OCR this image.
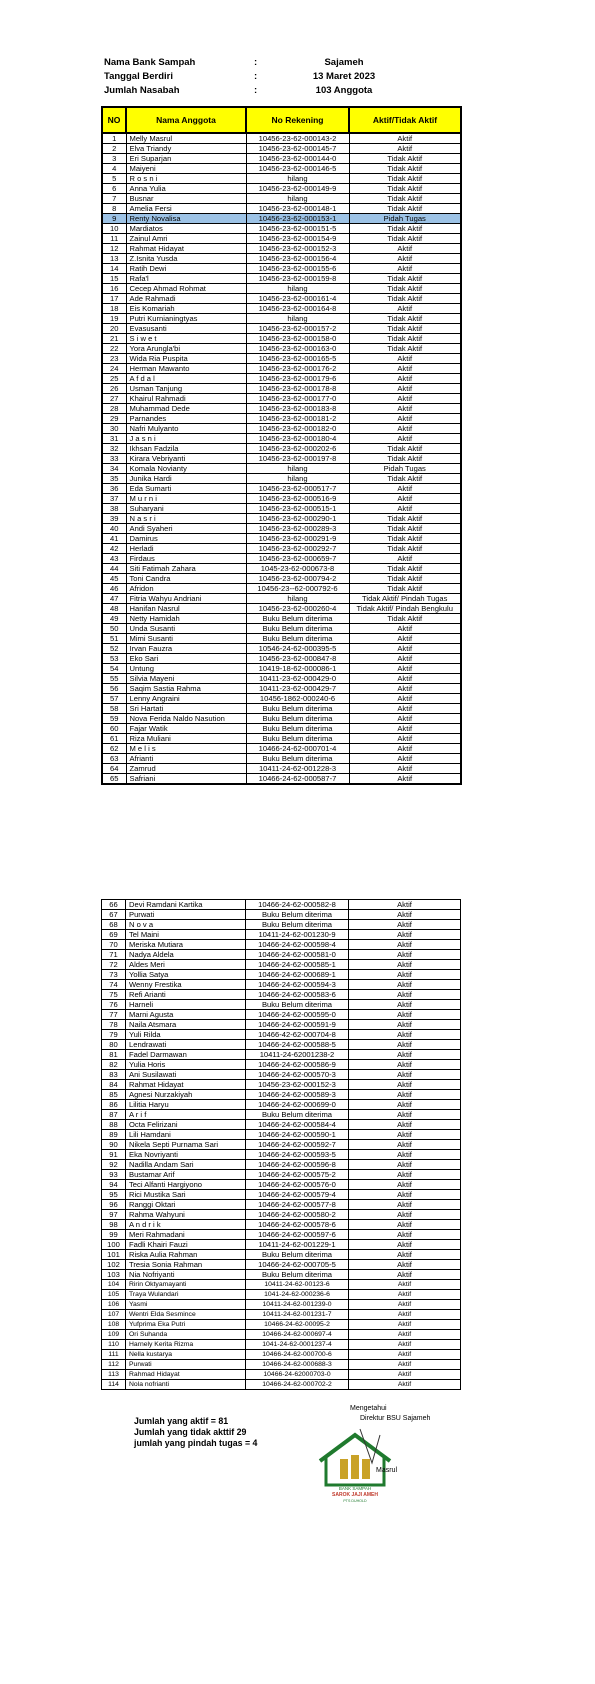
Nama Bank Sampah	:	Sajameh
Tanggal Berdiri	:	13 Maret 2023
Jumlah Nasabah	:	103 Anggota
NO	Nama Anggota	No Rekening	Aktif/Tidak Aktif
1	Melly Masrul	10456-23-62-000143-2	Aktif
2	Elva Triandy	10456-23-62-000145-7	Aktif
3	Eri Suparjan	10456-23-62-000144-0	Tidak Aktif
4	Maiyeni	10456-23-62-000146-5	Tidak Aktif
5	R o s n i	hilang	Tidak Aktif
6	Anna Yulia	10456-23-62-000149-9	Tidak Aktif
7	Busnar	hilang	Tidak Aktif
8	Amelia Fersi	10456-23-62-000148-1	Tidak Aktif
9	Renty Novalisa	10456-23-62-000153-1	Pidah Tugas
10	Mardiatos	10456-23-62-000151-5	Tidak Aktif
11	Zainul Amri	10456-23-62-000154-9	Tidak Aktif
12	Rahmat Hidayat	10456-23-62-000152-3	Aktif
13	Z.Isnita Yusda	10456-23-62-000156-4	Aktif
14	Ratih Dewi	10456-23-62-000155-6	Aktif
15	Rafa'l	10456-23-62-000159-8	Tidak Aktif
16	Cecep Ahmad Rohmat	hilang	Tidak Aktif
17	Ade Rahmadi	10456-23-62-000161-4	Tidak Aktif
18	Eis Komariah	10456-23-62-000164-8	Aktif
19	Putri Kurnianingtyas	hilang	Tidak Aktif
20	Evasusanti	10456-23-62-000157-2	Tidak Aktif
21	S i w e t	10456-23-62-000158-0	Tidak Aktif
22	Yora Arungla'bi	10456-23-62-000163-0	Tidak Aktif
23	Wida Ria Puspita	10456-23-62-000165-5	Aktif
24	Herman Mawanto	10456-23-62-000176-2	Aktif
25	A f d a l	10456-23-62-000179-6	Aktif
26	Usman Tanjung	10456-23-62-000178-8	Aktif
27	Khairul Rahmadi	10456-23-62-000177-0	Aktif
28	Muhammad Dede	10456-23-62-000183-8	Aktif
29	Parnandes	10456-23-62-000181-2	Aktif
30	Nafri Mulyanto	10456-23-62-000182-0	Aktif
31	J a s n i	10456-23-62-000180-4	Aktif
32	Ikhsan Fadzila	10456-23-62-000202-6	Tidak Aktif
33	Kirara Vebriyanti	10456-23-62-000197-8	Tidak Aktif
34	Komala Novianty	hilang	Pidah Tugas
35	Junika Hardi	hilang	Tidak Aktif
36	Eda Sumarti	10456-23-62-000517-7	Aktif
37	M u r n i	10456-23-62-000516-9	Aktif
38	Suharyani	10456-23-62-000515-1	Aktif
39	N a s r i	10456-23-62-000290-1	Tidak Aktif
40	Andi Syaheri	10456-23-62-000289-3	Tidak Aktif
41	Damirus	10456-23-62-000291-9	Tidak Aktif
42	Herladi	10456-23-62-000292-7	Tidak Aktif
43	Firdaus	10456-23-62-000659-7	Aktif
44	Siti Fatimah Zahara	1045-23-62-000673-8	Tidak Aktif
45	Toni Candra	10456-23-62-000794-2	Tidak Aktif
46	Afridon	10456-23--62-000792-6	Tidak Aktif
47	Fitria Wahyu Andriani	hilang	Tidak Aktif/ Pindah Tugas
48	Hanifan Nasrul	10456-23-62-000260-4	Tidak Aktif/ Pindah Bengkulu
49	Netty Hamidah	Buku Belum diterima	Tidak Aktif
50	Unda Susanti	Buku Belum diterima	Aktif
51	Mimi Susanti	Buku Belum diterima	Aktif
52	Irvan Fauzra	10546-24-62-000395-5	Aktif
53	Eko Sari	10456-23-62-000847-8	Aktif
54	Untung	10419-18-62-000086-1	Aktif
55	Silvia Mayeni	10411-23-62-000429-0	Aktif
56	Saqim Sastia Rahma	10411-23-62-000429-7	Aktif
57	Lenny Angraini	10456-1862-000240-6	Aktif
58	Sri Hartati	Buku Belum diterima	Aktif
59	Nova Ferida Naldo Nasution	Buku Belum diterima	Aktif
60	Fajar Watik	Buku Belum diterima	Aktif
61	Riza Muliani	Buku Belum diterima	Aktif
62	M e l i s	10466-24-62-000701-4	Aktif
63	Afrianti	Buku Belum diterima	Aktif
64	Zamrud	10411-24-62-001228-3	Aktif
65	Safriani	10466-24-62-000587-7	Aktif
66	Devi Ramdani Kartika	10466-24-62-000582-8	Aktif
67	Purwati	Buku Belum diterima	Aktif
68	N o v a	Buku Belum diterima	Aktif
69	Tel Maini	10411-24-62-001230-9	Aktif
70	Meriska Mutiara	10466-24-62-000598-4	Aktif
71	Nadya Aldela	10466-24-62-000581-0	Aktif
72	Aldes Meri	10466-24-62-000585-1	Aktif
73	Yollia Satya	10466-24-62-000689-1	Aktif
74	Wenny Frestika	10466-24-62-000594-3	Aktif
75	Refi Arianti	10466-24-62-000583-6	Aktif
76	Harneli	Buku Belum diterima	Aktif
77	Marni Agusta	10466-24-62-000595-0	Aktif
78	Naila Atsmara	10466-24-62-000591-9	Aktif
79	Yuli Rilda	10466-42-62-000704-8	Aktif
80	Lendrawati	10466-24-62-000588-5	Aktif
81	Fadel Darmawan	10411-24-62001238-2	Aktif
82	Yulia Horis	10466-24-62-000586-9	Aktif
83	Ani Susilawati	10466-24-62-000570-3	Aktif
84	Rahmat Hidayat	10456-23-62-000152-3	Aktif
85	Agnesi Nurzakiyah	10466-24-62-000589-3	Aktif
86	Lilitia Haryu	10466-24-62-000699-0	Aktif
87	A r i f	Buku Belum diterima	Aktif
88	Octa Felirizani	10466-24-62-000584-4	Aktif
89	Lili Hamdani	10466-24-62-000590-1	Aktif
90	Nikela Septi Purnama Sari	10466-24-62-000592-7	Aktif
91	Eka Novriyanti	10466-24-62-000593-5	Aktif
92	Nadilla Andam Sari	10466-24-62-000596-8	Aktif
93	Bustamar Arif	10466-24-62-000575-2	Aktif
94	Teci Alfanti Hargiyono	10466-24-62-000576-0	Aktif
95	Rici Mustika Sari	10466-24-62-000579-4	Aktif
96	Ranggi Oktari	10466-24-62-000577-8	Aktif
97	Rahma Wahyuni	10466-24-62-000580-2	Aktif
98	A n d r i k	10466-24-62-000578-6	Aktif
99	Meri Rahmadani	10466-24-62-000597-6	Aktif
100	Fadli Khairi Fauzi	10411-24-62-001229-1	Aktif
101	Riska Aulia Rahman	Buku Belum diterima	Aktif
102	Tresia Sonia Rahman	10466-24-62-000705-5	Aktif
103	Nia Nofriyanti	Buku Belum diterima	Aktif
104	Ririn Oktyamayanti	10411-24-62-00123-6	Aktif
105	Traya Wulandari	1041-24-62-000236-6	Aktif
106	Yasmi	10411-24-62-001239-0	Aktif
107	Wentri Elda Sesmince	10411-24-62-001231-7	Aktif
108	Yufprima Eka Putri	10466-24-62-00095-2	Aktif
109	Ori Suhanda	10466-24-62-000697-4	Aktif
110	Harnely Kerita Rizma	1041-24-62-0001237-4	Aktif
111	Nella kustarya	10466-24-62-000700-6	Aktif
112	Purwati	10466-24-62-000688-3	Aktif
113	Rahmad Hidayat	10466-24-62000703-0	Aktif
114	Nola nofrianti	10466-24-62-000702-2	Aktif
Jumlah yang aktif = 81
Jumlah yang tidak akttif 29
jumlah yang pindah tugas = 4
Mengetahui
Direktur BSU Sajameh
BANK SAMPAH
SAROK JAJI AMEH
PTS DUHOLD
Masrul
